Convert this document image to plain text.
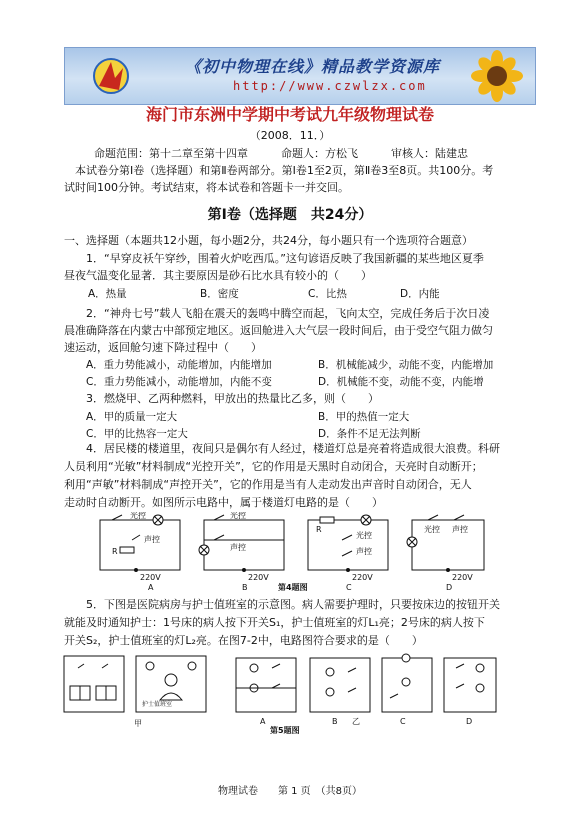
《初中物理在线》精品教学资源库
http://www.czwlzx.com
海门市东洲中学期中考试九年级物理试卷
（2008．11．）
命题范围：第十二章至第十四章　　　命题人：方松飞　　　审核人：陆建忠
　本试卷分第Ⅰ卷（选择题）和第Ⅱ卷两部分。第Ⅰ卷1至2页，第Ⅱ卷3至8页。共100分。考
试时间100分钟。考试结束，将本试卷和答题卡一并交回。
第Ⅰ卷（选择题　共24分）
一、选择题（本题共12小题，每小题2分，共24分，每小题只有一个选项符合题意）
1．“早穿皮袄午穿纱，围着火炉吃西瓜。”这句谚语反映了我国新疆的某些地区夏季
昼夜气温变化显著．其主要原因是砂石比水具有较小的（　　）
A．热量	B．密度	C．比热	D．内能
2．“神舟七号”载人飞船在震天的轰鸣中腾空而起，飞向太空，完成任务后于次日凌
晨准确降落在内蒙古中部预定地区。返回舱进入大气层一段时间后，由于受空气阻力做匀
速运动，返回舱匀速下降过程中（　　）
A．重力势能减小，动能增加，内能增加	B．机械能减少，动能不变，内能增加
C．重力势能减小，动能增加，内能不变	D．机械能不变，动能不变，内能增
3．燃烧甲、乙两种燃料，甲放出的热量比乙多，则（　　）
A．甲的质量一定大	B．甲的热值一定大
C．甲的比热容一定大	D．条件不足无法判断
4．居民楼的楼道里，夜间只是偶尔有人经过，楼道灯总是亮着将造成很大浪费。科研
人员利用“光敏”材料制成“光控开关”，它的作用是天黑时自动闭合，天亮时自动断开；
利用“声敏”材料制成“声控开关”，它的作用是当有人走动发出声音时自动闭合，无人
走动时自动断开。如图所示电路中，属于楼道灯电路的是（　　）
光控
声控
R
220V
A
光控
声控
220V
B
R
光控
声控
220V
C
光控 声控
220V
D
第4题图
5．下图是医院病房与护士值班室的示意图。病人需要护理时，只要按床边的按钮开关
就能及时通知护士：1号床的病人按下开关S₁，护士值班室的灯L₁亮；2号床的病人按下
开关S₂，护士值班室的灯L₂亮。在图7-2中，电路图符合要求的是（　　）
护士值班室
甲	A	B 乙	C	D
第5题图
物理试卷　　第 1 页　（共8页）
